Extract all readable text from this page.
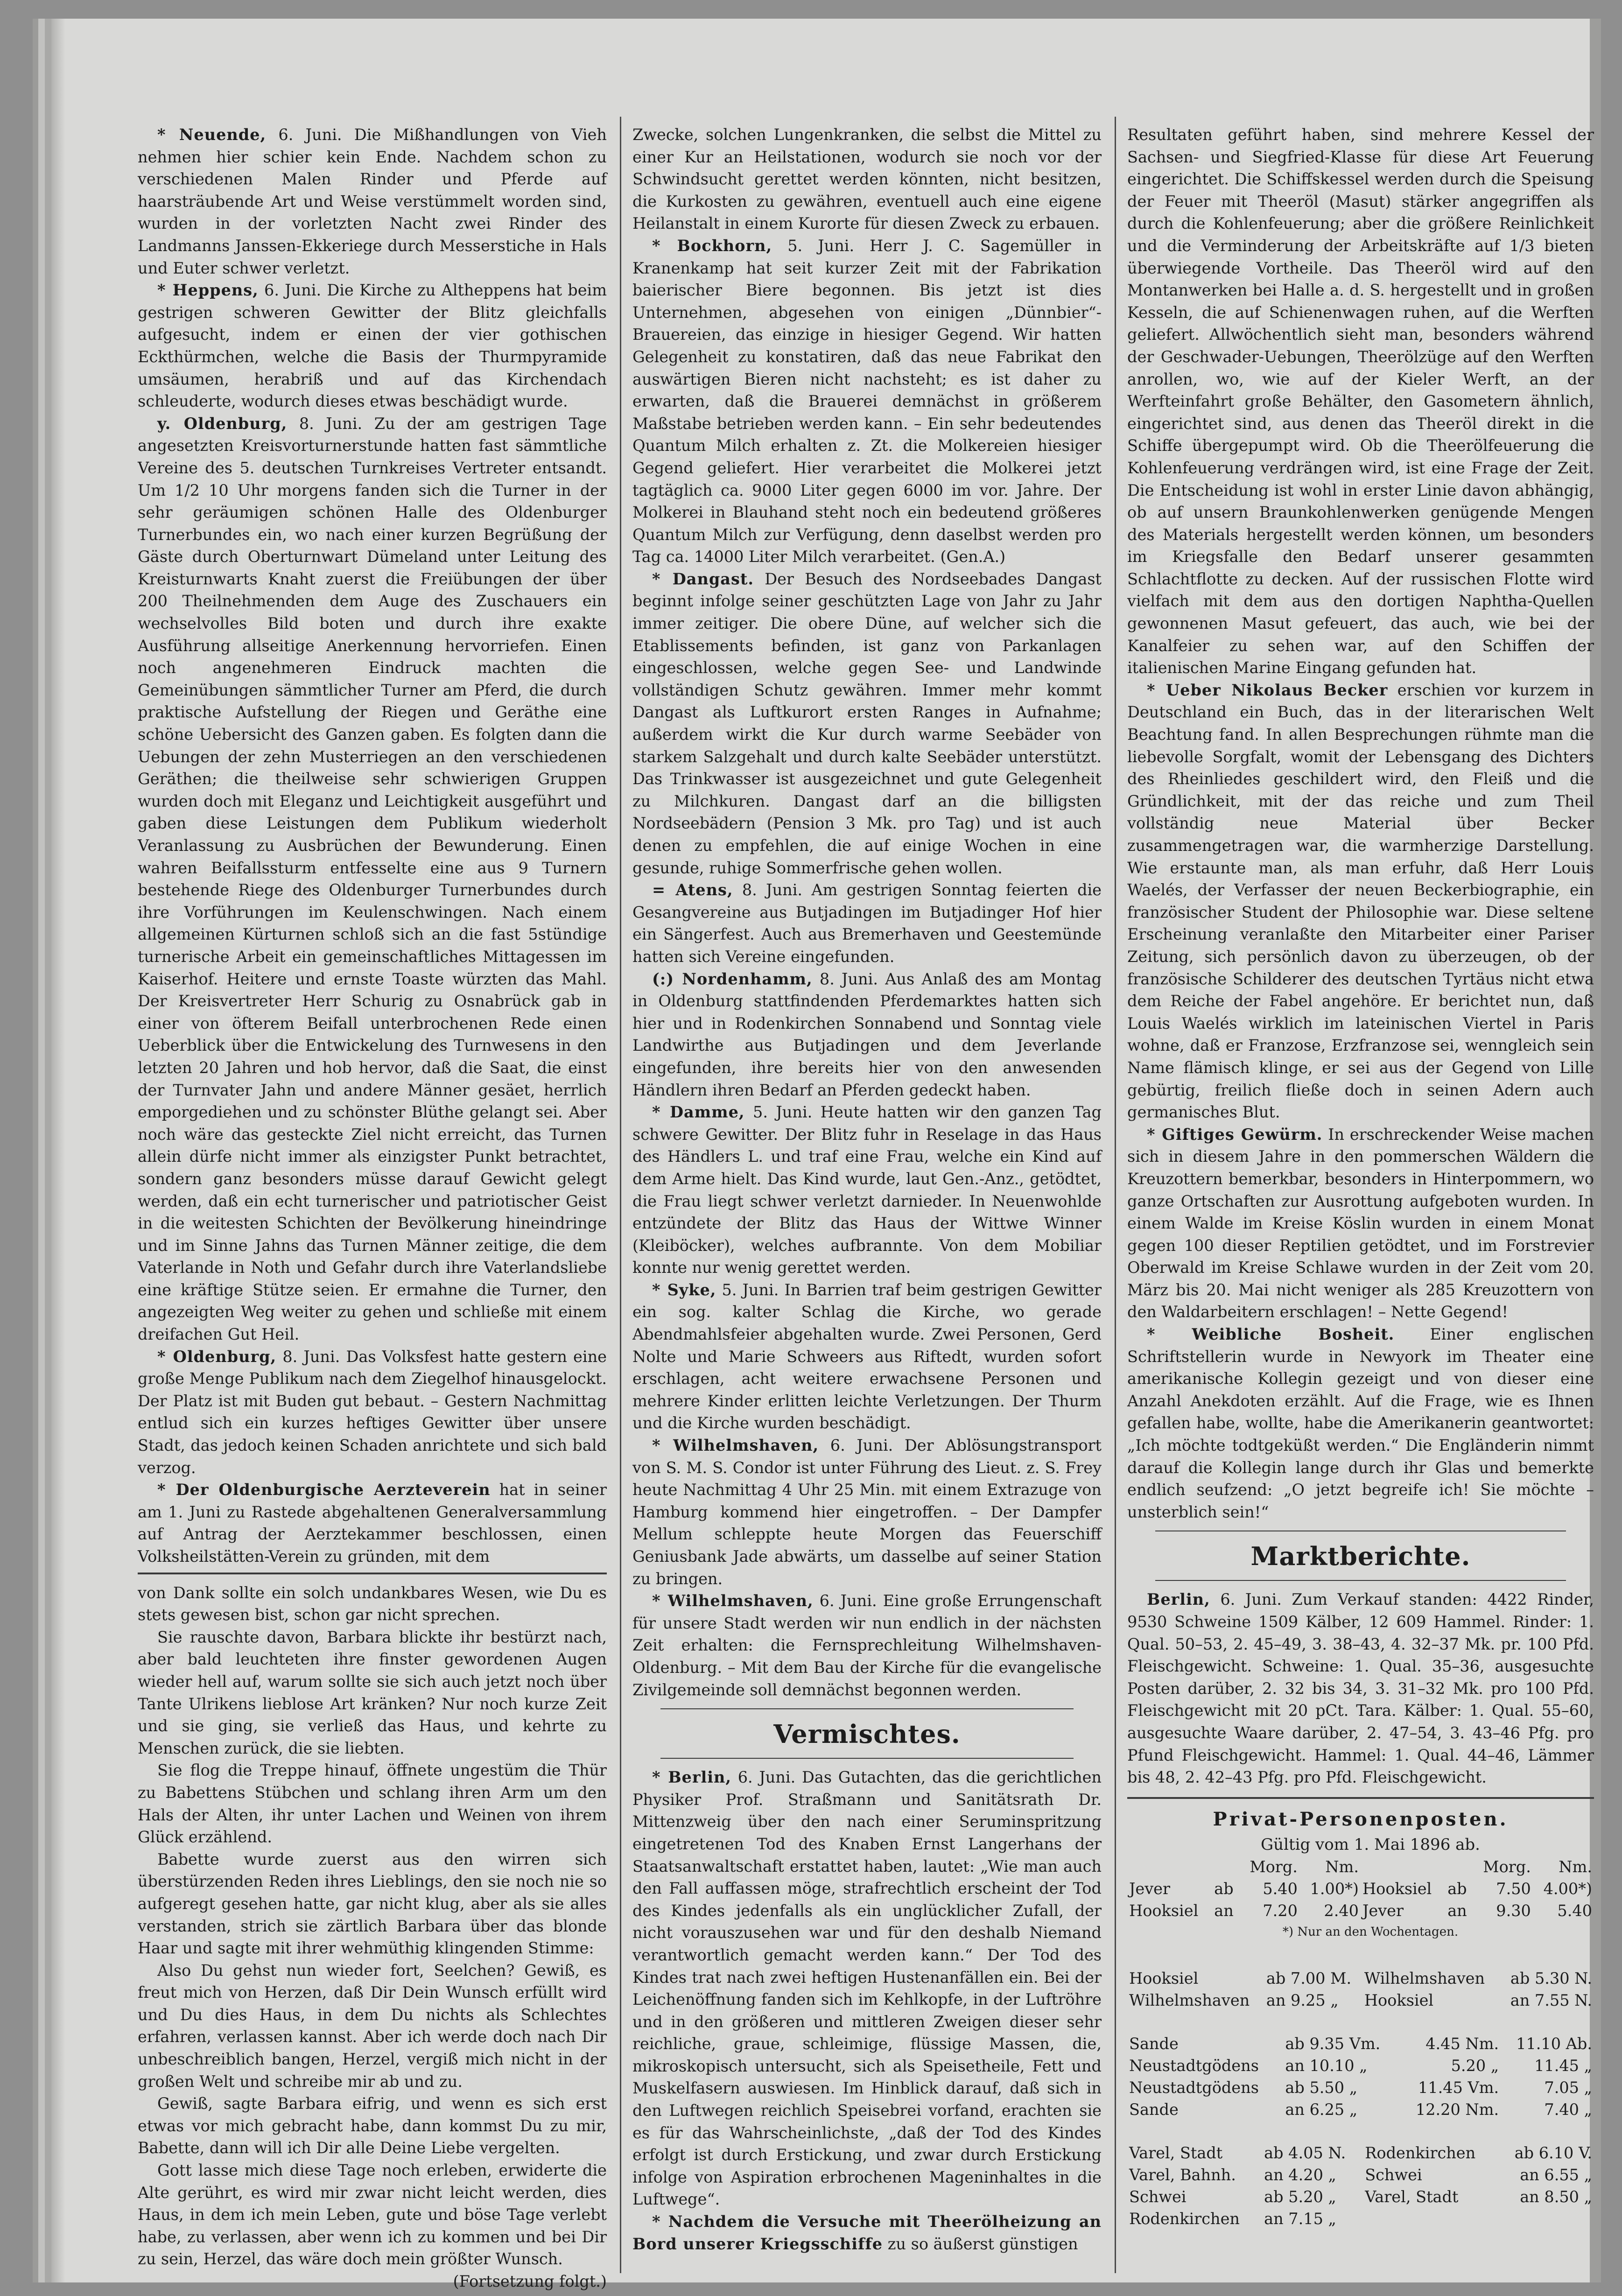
* Neuende, 6. Juni. Die Mißhandlungen von Vieh nehmen hier schier kein Ende. Nachdem schon zu verschiedenen Malen Rinder und Pferde auf haarsträubende Art und Weise verstümmelt worden sind, wurden in der vorletzten Nacht zwei Rinder des Landmanns Janssen-Ekkeriege durch Messerstiche in Hals und Euter schwer verletzt.

* Heppens, 6. Juni. Die Kirche zu Altheppens hat beim gestrigen schweren Gewitter der Blitz gleichfalls aufgesucht, indem er einen der vier gothischen Eckthürmchen, welche die Basis der Thurmpyramide umsäumen, herabriß und auf das Kirchendach schleuderte, wodurch dieses etwas beschädigt wurde.

y. Oldenburg, 8. Juni. Zu der am gestrigen Tage angesetzten Kreisvorturnerstunde hatten fast sämmtliche Vereine des 5. deutschen Turnkreises Vertreter entsandt. Um 1/2 10 Uhr morgens fanden sich die Turner in der sehr geräumigen schönen Halle des Oldenburger Turnerbundes ein, wo nach einer kurzen Begrüßung der Gäste durch Oberturnwart Dümeland unter Leitung des Kreisturnwarts Knaht zuerst die Freiübungen der über 200 Theilnehmenden dem Auge des Zuschauers ein wechselvolles Bild boten und durch ihre exakte Ausführung allseitige Anerkennung hervorriefen. Einen noch angenehmeren Eindruck machten die Gemeinübungen sämmtlicher Turner am Pferd, die durch praktische Aufstellung der Riegen und Geräthe eine schöne Uebersicht des Ganzen gaben. Es folgten dann die Uebungen der zehn Musterriegen an den verschiedenen Geräthen; die theilweise sehr schwierigen Gruppen wurden doch mit Eleganz und Leichtigkeit ausgeführt und gaben diese Leistungen dem Publikum wiederholt Veranlassung zu Ausbrüchen der Bewunderung. Einen wahren Beifallssturm entfesselte eine aus 9 Turnern bestehende Riege des Oldenburger Turnerbundes durch ihre Vorführungen im Keulenschwingen. Nach einem allgemeinen Kürturnen schloß sich an die fast 5stündige turnerische Arbeit ein gemeinschaftliches Mittagessen im Kaiserhof. Heitere und ernste Toaste würzten das Mahl. Der Kreisvertreter Herr Schurig zu Osnabrück gab in einer von öfterem Beifall unterbrochenen Rede einen Ueberblick über die Entwickelung des Turnwesens in den letzten 20 Jahren und hob hervor, daß die Saat, die einst der Turnvater Jahn und andere Männer gesäet, herrlich emporgediehen und zu schönster Blüthe gelangt sei. Aber noch wäre das gesteckte Ziel nicht erreicht, das Turnen allein dürfe nicht immer als einzigster Punkt betrachtet, sondern ganz besonders müsse darauf Gewicht gelegt werden, daß ein echt turnerischer und patriotischer Geist in die weitesten Schichten der Bevölkerung hineindringe und im Sinne Jahns das Turnen Männer zeitige, die dem Vaterlande in Noth und Gefahr durch ihre Vaterlandsliebe eine kräftige Stütze seien. Er ermahne die Turner, den angezeigten Weg weiter zu gehen und schließe mit einem dreifachen Gut Heil.

* Oldenburg, 8. Juni. Das Volksfest hatte gestern eine große Menge Publikum nach dem Ziegelhof hinausgelockt. Der Platz ist mit Buden gut bebaut. – Gestern Nachmittag entlud sich ein kurzes heftiges Gewitter über unsere Stadt, das jedoch keinen Schaden anrichtete und sich bald verzog.

* Der Oldenburgische Aerzteverein hat in seiner am 1. Juni zu Rastede abgehaltenen Generalversammlung auf Antrag der Aerztekammer beschlossen, einen Volksheilstätten-Verein zu gründen, mit dem

von Dank sollte ein solch undankbares Wesen, wie Du es stets gewesen bist, schon gar nicht sprechen.

Sie rauschte davon, Barbara blickte ihr bestürzt nach, aber bald leuchteten ihre finster gewordenen Augen wieder hell auf, warum sollte sie sich auch jetzt noch über Tante Ulrikens lieblose Art kränken? Nur noch kurze Zeit und sie ging, sie verließ das Haus, und kehrte zu Menschen zurück, die sie liebten.

Sie flog die Treppe hinauf, öffnete ungestüm die Thür zu Babettens Stübchen und schlang ihren Arm um den Hals der Alten, ihr unter Lachen und Weinen von ihrem Glück erzählend.

Babette wurde zuerst aus den wirren sich überstürzenden Reden ihres Lieblings, den sie noch nie so aufgeregt gesehen hatte, gar nicht klug, aber als sie alles verstanden, strich sie zärtlich Barbara über das blonde Haar und sagte mit ihrer wehmüthig klingenden Stimme:

Also Du gehst nun wieder fort, Seelchen? Gewiß, es freut mich von Herzen, daß Dir Dein Wunsch erfüllt wird und Du dies Haus, in dem Du nichts als Schlechtes erfahren, verlassen kannst. Aber ich werde doch nach Dir unbeschreiblich bangen, Herzel, vergiß mich nicht in der großen Welt und schreibe mir ab und zu.

Gewiß, sagte Barbara eifrig, und wenn es sich erst etwas vor mich gebracht habe, dann kommst Du zu mir, Babette, dann will ich Dir alle Deine Liebe vergelten.

Gott lasse mich diese Tage noch erleben, erwiderte die Alte gerührt, es wird mir zwar nicht leicht werden, dies Haus, in dem ich mein Leben, gute und böse Tage verlebt habe, zu verlassen, aber wenn ich zu kommen und bei Dir zu sein, Herzel, das wäre doch mein größter Wunsch.

(Fortsetzung folgt.)

Zwecke, solchen Lungenkranken, die selbst die Mittel zu einer Kur an Heilstationen, wodurch sie noch vor der Schwindsucht gerettet werden könnten, nicht besitzen, die Kurkosten zu gewähren, eventuell auch eine eigene Heilanstalt in einem Kurorte für diesen Zweck zu erbauen.

* Bockhorn, 5. Juni. Herr J. C. Sagemüller in Kranenkamp hat seit kurzer Zeit mit der Fabrikation baierischer Biere begonnen. Bis jetzt ist dies Unternehmen, abgesehen von einigen „Dünnbier“-Brauereien, das einzige in hiesiger Gegend. Wir hatten Gelegenheit zu konstatiren, daß das neue Fabrikat den auswärtigen Bieren nicht nachsteht; es ist daher zu erwarten, daß die Brauerei demnächst in größerem Maßstabe betrieben werden kann. – Ein sehr bedeutendes Quantum Milch erhalten z. Zt. die Molkereien hiesiger Gegend geliefert. Hier verarbeitet die Molkerei jetzt tagtäglich ca. 9000 Liter gegen 6000 im vor. Jahre. Der Molkerei in Blauhand steht noch ein bedeutend größeres Quantum Milch zur Verfügung, denn daselbst werden pro Tag ca. 14000 Liter Milch verarbeitet. (Gen.A.)

* Dangast. Der Besuch des Nordseebades Dangast beginnt infolge seiner geschützten Lage von Jahr zu Jahr immer zeitiger. Die obere Düne, auf welcher sich die Etablissements befinden, ist ganz von Parkanlagen eingeschlossen, welche gegen See- und Landwinde vollständigen Schutz gewähren. Immer mehr kommt Dangast als Luftkurort ersten Ranges in Aufnahme; außerdem wirkt die Kur durch warme Seebäder von starkem Salzgehalt und durch kalte Seebäder unterstützt. Das Trinkwasser ist ausgezeichnet und gute Gelegenheit zu Milchkuren. Dangast darf an die billigsten Nordseebädern (Pension 3 Mk. pro Tag) und ist auch denen zu empfehlen, die auf einige Wochen in eine gesunde, ruhige Sommerfrische gehen wollen.

= Atens, 8. Juni. Am gestrigen Sonntag feierten die Gesangvereine aus Butjadingen im Butjadinger Hof hier ein Sängerfest. Auch aus Bremerhaven und Geestemünde hatten sich Vereine eingefunden.

(:) Nordenhamm, 8. Juni. Aus Anlaß des am Montag in Oldenburg stattfindenden Pferdemarktes hatten sich hier und in Rodenkirchen Sonnabend und Sonntag viele Landwirthe aus Butjadingen und dem Jeverlande eingefunden, ihre bereits hier von den anwesenden Händlern ihren Bedarf an Pferden gedeckt haben.

* Damme, 5. Juni. Heute hatten wir den ganzen Tag schwere Gewitter. Der Blitz fuhr in Reselage in das Haus des Händlers L. und traf eine Frau, welche ein Kind auf dem Arme hielt. Das Kind wurde, laut Gen.-Anz., getödtet, die Frau liegt schwer verletzt darnieder. In Neuenwohlde entzündete der Blitz das Haus der Wittwe Winner (Kleiböcker), welches aufbrannte. Von dem Mobiliar konnte nur wenig gerettet werden.

* Syke, 5. Juni. In Barrien traf beim gestrigen Gewitter ein sog. kalter Schlag die Kirche, wo gerade Abendmahlsfeier abgehalten wurde. Zwei Personen, Gerd Nolte und Marie Schweers aus Riftedt, wurden sofort erschlagen, acht weitere erwachsene Personen und mehrere Kinder erlitten leichte Verletzungen. Der Thurm und die Kirche wurden beschädigt.

* Wilhelmshaven, 6. Juni. Der Ablösungstransport von S. M. S. Condor ist unter Führung des Lieut. z. S. Frey heute Nachmittag 4 Uhr 25 Min. mit einem Extrazuge von Hamburg kommend hier eingetroffen. – Der Dampfer Mellum schleppte heute Morgen das Feuerschiff Geniusbank Jade abwärts, um dasselbe auf seiner Station zu bringen.

* Wilhelmshaven, 6. Juni. Eine große Errungenschaft für unsere Stadt werden wir nun endlich in der nächsten Zeit erhalten: die Fernsprechleitung Wilhelmshaven-Oldenburg. – Mit dem Bau der Kirche für die evangelische Zivilgemeinde soll demnächst begonnen werden.

Vermischtes.

* Berlin, 6. Juni. Das Gutachten, das die gerichtlichen Physiker Prof. Straßmann und Sanitätsrath Dr. Mittenzweig über den nach einer Seruminspritzung eingetretenen Tod des Knaben Ernst Langerhans der Staatsanwaltschaft erstattet haben, lautet: „Wie man auch den Fall auffassen möge, strafrechtlich erscheint der Tod des Kindes jedenfalls als ein unglücklicher Zufall, der nicht vorauszusehen war und für den deshalb Niemand verantwortlich gemacht werden kann.“ Der Tod des Kindes trat nach zwei heftigen Hustenanfällen ein. Bei der Leichenöffnung fanden sich im Kehlkopfe, in der Luftröhre und in den größeren und mittleren Zweigen dieser sehr reichliche, graue, schleimige, flüssige Massen, die, mikroskopisch untersucht, sich als Speisetheile, Fett und Muskelfasern auswiesen. Im Hinblick darauf, daß sich in den Luftwegen reichlich Speisebrei vorfand, erachten sie es für das Wahrscheinlichste, „daß der Tod des Kindes erfolgt ist durch Erstickung, und zwar durch Erstickung infolge von Aspiration erbrochenen Mageninhaltes in die Luftwege“.

* Nachdem die Versuche mit Theerölheizung an Bord unserer Kriegsschiffe zu so äußerst günstigen

Resultaten geführt haben, sind mehrere Kessel der Sachsen- und Siegfried-Klasse für diese Art Feuerung eingerichtet. Die Schiffskessel werden durch die Speisung der Feuer mit Theeröl (Masut) stärker angegriffen als durch die Kohlenfeuerung; aber die größere Reinlichkeit und die Verminderung der Arbeitskräfte auf 1/3 bieten überwiegende Vortheile. Das Theeröl wird auf den Montanwerken bei Halle a. d. S. hergestellt und in großen Kesseln, die auf Schienenwagen ruhen, auf die Werften geliefert. Allwöchentlich sieht man, besonders während der Geschwader-Uebungen, Theerölzüge auf den Werften anrollen, wo, wie auf der Kieler Werft, an der Werfteinfahrt große Behälter, den Gasometern ähnlich, eingerichtet sind, aus denen das Theeröl direkt in die Schiffe übergepumpt wird. Ob die Theerölfeuerung die Kohlenfeuerung verdrängen wird, ist eine Frage der Zeit. Die Entscheidung ist wohl in erster Linie davon abhängig, ob auf unsern Braunkohlenwerken genügende Mengen des Materials hergestellt werden können, um besonders im Kriegsfalle den Bedarf unserer gesammten Schlachtflotte zu decken. Auf der russischen Flotte wird vielfach mit dem aus den dortigen Naphtha-Quellen gewonnenen Masut gefeuert, das auch, wie bei der Kanalfeier zu sehen war, auf den Schiffen der italienischen Marine Eingang gefunden hat.

* Ueber Nikolaus Becker erschien vor kurzem in Deutschland ein Buch, das in der literarischen Welt Beachtung fand. In allen Besprechungen rühmte man die liebevolle Sorgfalt, womit der Lebensgang des Dichters des Rheinliedes geschildert wird, den Fleiß und die Gründlichkeit, mit der das reiche und zum Theil vollständig neue Material über Becker zusammengetragen war, die warmherzige Darstellung. Wie erstaunte man, als man erfuhr, daß Herr Louis Waelés, der Verfasser der neuen Beckerbiographie, ein französischer Student der Philosophie war. Diese seltene Erscheinung veranlaßte den Mitarbeiter einer Pariser Zeitung, sich persönlich davon zu überzeugen, ob der französische Schilderer des deutschen Tyrtäus nicht etwa dem Reiche der Fabel angehöre. Er berichtet nun, daß Louis Waelés wirklich im lateinischen Viertel in Paris wohne, daß er Franzose, Erzfranzose sei, wenngleich sein Name flämisch klinge, er sei aus der Gegend von Lille gebürtig, freilich fließe doch in seinen Adern auch germanisches Blut.

* Giftiges Gewürm. In erschreckender Weise machen sich in diesem Jahre in den pommerschen Wäldern die Kreuzottern bemerkbar, besonders in Hinterpommern, wo ganze Ortschaften zur Ausrottung aufgeboten wurden. In einem Walde im Kreise Köslin wurden in einem Monat gegen 100 dieser Reptilien getödtet, und im Forstrevier Oberwald im Kreise Schlawe wurden in der Zeit vom 20. März bis 20. Mai nicht weniger als 285 Kreuzottern von den Waldarbeitern erschlagen! – Nette Gegend!

* Weibliche Bosheit. Einer englischen Schriftstellerin wurde in Newyork im Theater eine amerikanische Kollegin gezeigt und von dieser eine Anzahl Anekdoten erzählt. Auf die Frage, wie es Ihnen gefallen habe, wollte, habe die Amerikanerin geantwortet: „Ich möchte todtgeküßt werden.“ Die Engländerin nimmt darauf die Kollegin lange durch ihr Glas und bemerkte endlich seufzend: „O jetzt begreife ich! Sie möchte – unsterblich sein!“

Marktberichte.

Berlin, 6. Juni. Zum Verkauf standen: 4422 Rinder, 9530 Schweine 1509 Kälber, 12 609 Hammel. Rinder: 1. Qual. 50–53, 2. 45–49, 3. 38–43, 4. 32–37 Mk. pr. 100 Pfd. Fleischgewicht. Schweine: 1. Qual. 35–36, ausgesuchte Posten darüber, 2. 32 bis 34, 3. 31–32 Mk. pro 100 Pfd. Fleischgewicht mit 20 pCt. Tara. Kälber: 1. Qual. 55–60, ausgesuchte Waare darüber, 2. 47–54, 3. 43–46 Pfg. pro Pfund Fleischgewicht. Hammel: 1. Qual. 44–46, Lämmer bis 48, 2. 42–43 Pfg. pro Pfd. Fleischgewicht.

Privat-Personenposten.

Gültig vom 1. Mai 1896 ab.

		Morg.	Nm.			Morg.	Nm.
Jever	ab	5.40	1.00*)	Hooksiel	ab	7.50	4.00*)
Hooksiel	an	7.20	2.40	Jever	an	9.30	5.40

*) Nur an den Wochentagen.

Hooksiel	ab 7.00 M.	Wilhelmshaven	ab 5.30 N.
Wilhelmshaven	an 9.25 „	Hooksiel	an 7.55 N.
Sande	ab 9.35 Vm.	4.45 Nm.	11.10 Ab.
Neustadtgödens	an 10.10 „	5.20 „	11.45 „
Neustadtgödens	ab 5.50 „	11.45 Vm.	7.05 „
Sande	an 6.25 „	12.20 Nm.	7.40 „
Varel, Stadt	ab 4.05 N.	Rodenkirchen	ab 6.10 V.
Varel, Bahnh.	an 4.20 „	Schwei	an 6.55 „
Schwei	ab 5.20 „	Varel, Stadt	an 8.50 „
Rodenkirchen	an 7.15 „		
